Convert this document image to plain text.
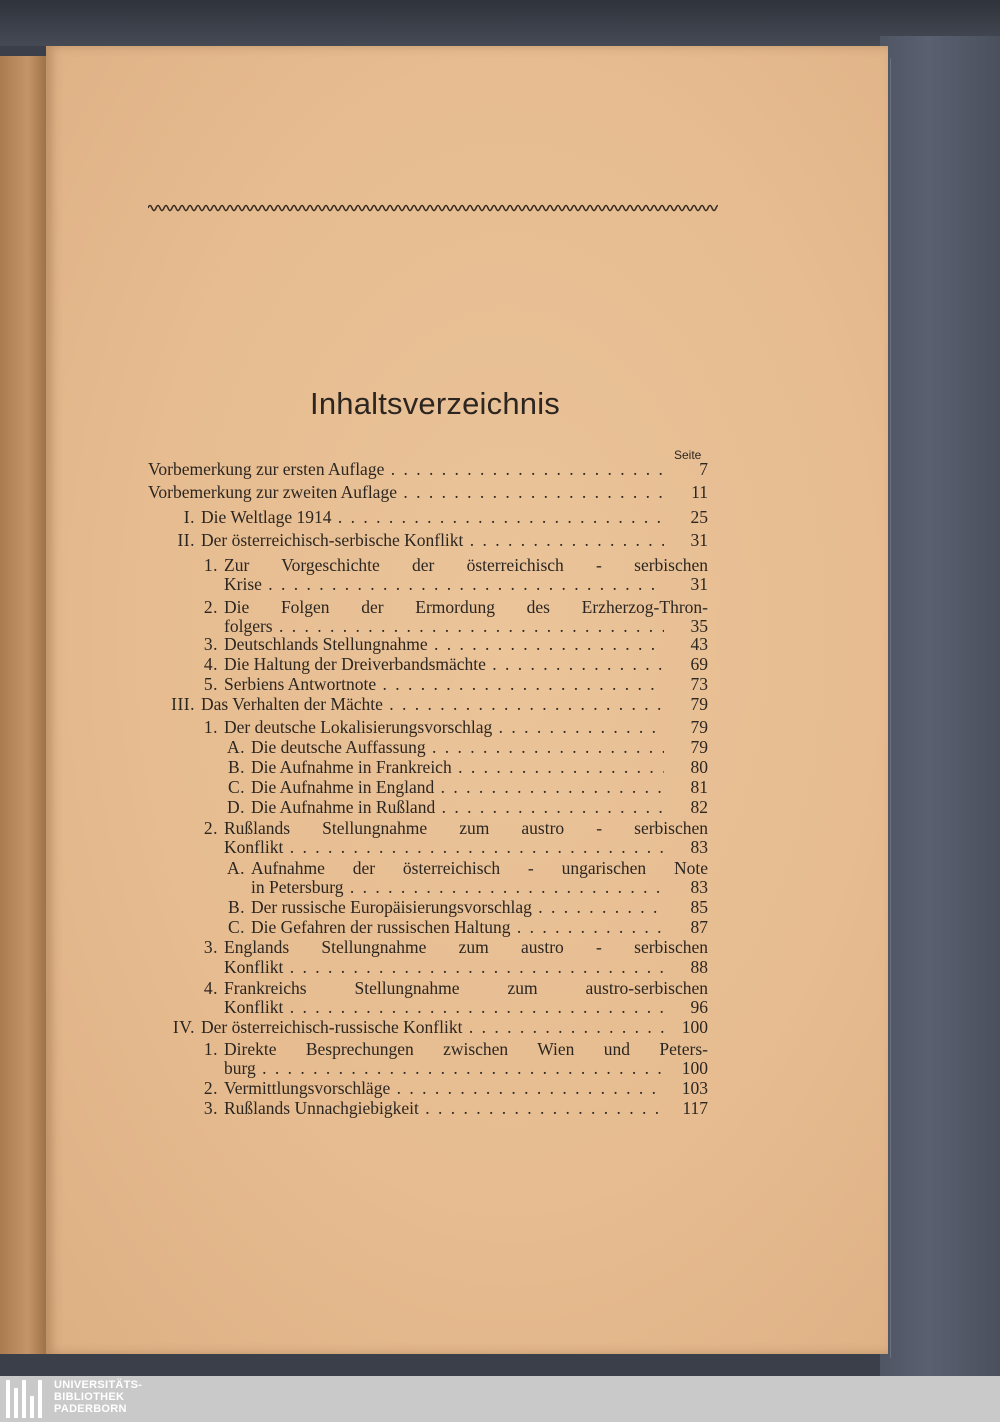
Inhaltsverzeichnis
Seite
Vorbemerkung zur ersten Auflage . . .	7
Vorbemerkung zur zweiten Auflage . . .	11
I. Die Weltlage 1914 . . .	25
II. Der österreichisch-serbische Konflikt . . .	31
1. Zur Vorgeschichte der österreichisch - serbischen
Krise . . .	31
2. Die Folgen der Ermordung des Erzherzog-Thron-
folgers . . .	35
3. Deutschlands Stellungnahme . . .	43
4. Die Haltung der Dreiverbandsmächte . . .	69
5. Serbiens Antwortnote . . .	73
III. Das Verhalten der Mächte . . .	79
1. Der deutsche Lokalisierungsvorschlag . . .	79
A. Die deutsche Auffassung . . .	79
B. Die Aufnahme in Frankreich . . .	80
C. Die Aufnahme in England . . .	81
D. Die Aufnahme in Rußland . . .	82
2. Rußlands Stellungnahme zum austro - serbischen
Konflikt . . .	83
A. Aufnahme der österreichisch - ungarischen Note
in Petersburg . . .	83
B. Der russische Europäisierungsvorschlag . . .	85
C. Die Gefahren der russischen Haltung . . .	87
3. Englands Stellungnahme zum austro - serbischen
Konflikt . . .	88
4. Frankreichs Stellungnahme zum austro-serbischen
Konflikt . . .	96
IV. Der österreichisch-russische Konflikt . . .	100
1. Direkte Besprechungen zwischen Wien und Peters-
burg . . .	100
2. Vermittlungsvorschläge . . .	103
3. Rußlands Unnachgiebigkeit . . .	117
UNIVERSITÄTS-
BIBLIOTHEK
PADERBORN
